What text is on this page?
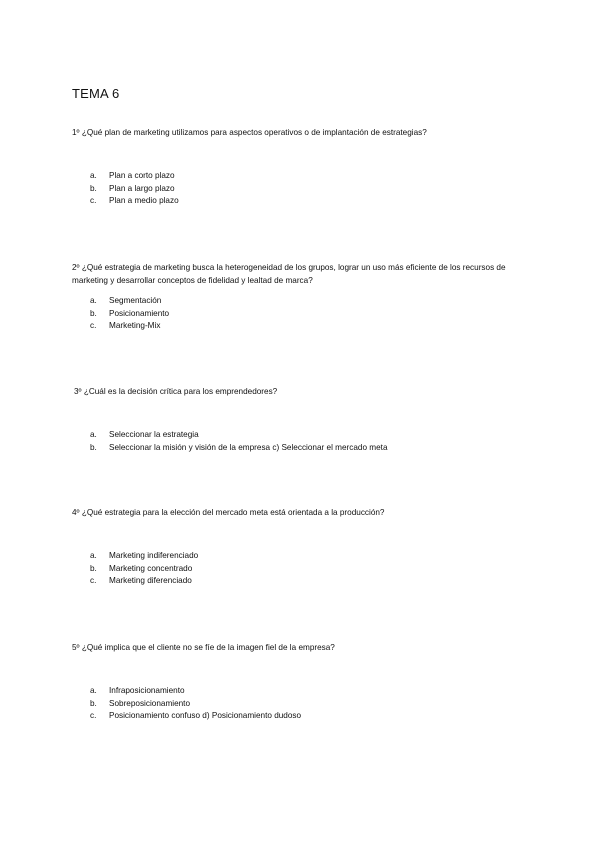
TEMA 6
1º ¿Qué plan de marketing utilizamos para aspectos operativos o de implantación de estrategias?
a. Plan a corto plazo
b. Plan a largo plazo
c. Plan a medio plazo
2º ¿Qué estrategia de marketing busca la heterogeneidad de los grupos, lograr un uso más eficiente de los recursos de marketing y desarrollar conceptos de fidelidad y lealtad de marca?
a. Segmentación
b. Posicionamiento
c. Marketing-Mix
3º ¿Cuál es la decisión crítica para los emprendedores?
a. Seleccionar la estrategia
b. Seleccionar la misión y visión de la empresa c) Seleccionar el mercado meta
4º ¿Qué estrategia para la elección del mercado meta está orientada a la producción?
a. Marketing indiferenciado
b. Marketing concentrado
c. Marketing diferenciado
5º ¿Qué implica que el cliente no se fíe de la imagen fiel de la empresa?
a. Infraposicionamiento
b. Sobreposicionamiento
c. Posicionamiento confuso d) Posicionamiento dudoso
